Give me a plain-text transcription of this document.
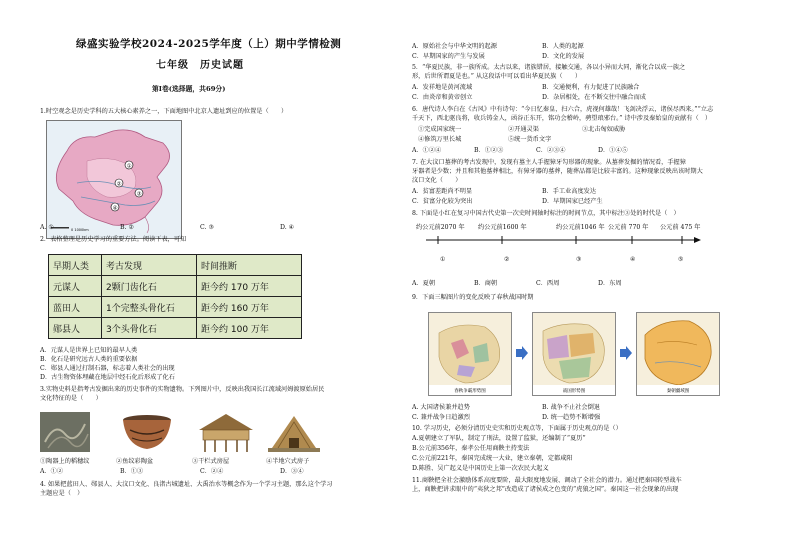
绿盛实验学校2024-2025学年度（上）期中学情检测
七年级　历史试题
第Ⅰ卷(选择题，共69分)
1.时空观念是历史学科的五大核心素养之一，下面地图中北京人遗址到应的位置是（　　）
①
②
③
④
0 1000km
A. ①	B. ②	C. ③	D. ④
2．表格整理是历史学习的重要方法。阅读下表，可知
早期人类	考古发现	时间推断
元谋人	2颗门齿化石	距今约 170 万年
蓝田人	1个完整头骨化石	距今约 160 万年
郧县人	3个头骨化石	距今约 100 万年
A．元谋人是世界上已知的最早人类
B．化石是研究远古人类的重要依据
C．郧县人通过打制石器，标志着人类社会的出现
D．古生物资体埋藏在地层中经石化后形成了化石
3.实物史料是指考古发掘出来的历史事件的实物遗物。下列图片中，反映出我国长江流域河姆渡原始居民
文化特征的是（　　）
①陶器上的稻穗纹	②鱼纹彩陶盆	③干栏式房屋	④半地穴式房子
A．①②	B．①③	C．②④	D．③④
4. 如果把蓝田人、郧县人、大汶口文化、良渚古城遗址、大禹治水等概念作为一个学习主题，那么这个学习
主题应是（　）
A．原始社会与中华文明的起源	B．人类的起源
C．早期国家的产生与发展	D．文化的发展
5．“华夏民族，非一族所成。太古以来，诸族错居，接触交通，各以小异而大同，渐化合以成一族之
形，后世所谓夏是也。” 从这段话中可以看出华夏民族（　　）
A．发祥地是黄河流域	B．交通便利，有力促进了民族融合
C．由炎帝和黄帝创立	D．杂居相处，在不断交往中融合而成
6．唐代诗人李白在《古风》中有诗句：“今日忆秦皇，扫六合，虎视何雄哉！飞剑决浮云，诸侯尽西来。”“立志
千天下，西北驱良将，收兵铸金人，函谷正东开，铭功会稽岭，骋望琅邪台。” 诗中涉及秦始皇的贡献有（　）
①完成国家统一	②开通灵渠	③北击匈奴威胁
④修筑万里长城	⑤统一货币文字
A．①②④	B．①②③	C．②③④	D．①④⑤
7. 在大汶口墓葬的考古发现中，发现有墓主人手握獐牙勾形器的现象。从墓葬发掘的情况看，手握獐
牙器者是少数；并且和其他墓葬相比，有獐牙器的墓葬，随葬品都是比较丰富的。这种现象反映出该时期大
汶口文化（　　）
A．贫富差距尚不明显	B．手工业高度发达
C．贫富分化较为突出	D．早期国家已经产生
8. 下面是小红在复习中国古代史第一次史时间轴时标注的时间节点，其中标注③处的时代是（　）
约公元前2070 年 约公元前1600 年	约公元前1046 年 公元前 770 年 公元前 475 年
①	②	③	④	⑤
A．夏朝	B．商朝	C．西周	D．东周
9．下面三幅图片的变化反映了春秋战国时期
春秋争霸形势图	战国形势图	秦朝疆域图
A. 大国诸侯兼并趋势	B. 战争不止社会倒退
C. 兼并战争日趋激烈	D. 统一趋势不断增强
10. 学习历史，必须分清历史史实和历史观点等，下面属于历史观点的是（）
A.夏朝建立了军队，制定了刑法，设置了监狱，还编制了“夏历”
B.公元前356年，秦孝公任用商鞅主持变法
C.公元前221年，秦国完成统一大业，建立秦朝，定都咸阳
D.陈胜、吴广起义是中国历史上第一次农民大起义
11.商鞅把全社会激励体系高度要阶，最大限度地发展、调动了全社会的潜力。通过把秦国转型战车
上，商鞅把讲求眼中的“夷狄之邦”改造成了诸侯成之色变的“虎狼之国”。秦国这一社会现象的出现
